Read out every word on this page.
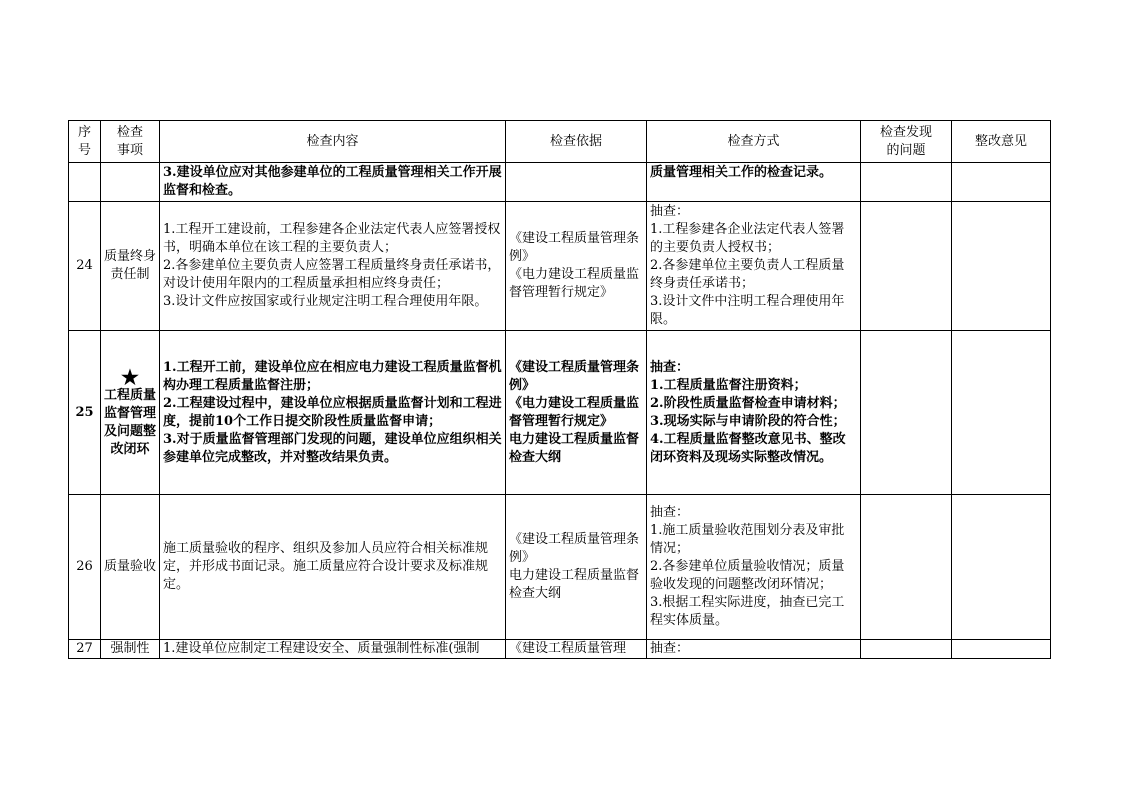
序
号	检查
事项	检查内容	检查依据	检查方式	检查发现
的问题	整改意见

		3.建设单位应对其他参建单位的工程质量管理相关工作开展监督和检查。		质量管理相关工作的检查记录。		

24	质量终身责任制	1.工程开工建设前，工程参建各企业法定代表人应签署授权书，明确本单位在该工程的主要负责人；
2.各参建单位主要负责人应签署工程质量终身责任承诺书，对设计使用年限内的工程质量承担相应终身责任；
3.设计文件应按国家或行业规定注明工程合理使用年限。	《建设工程质量管理条例》
《电力建设工程质量监督管理暂行规定》	抽查：
1.工程参建各企业法定代表人签署的主要负责人授权书；
2.各参建单位主要负责人工程质量终身责任承诺书；
3.设计文件中注明工程合理使用年限。		

25	★
工程质量监督管理及问题整改闭环	1.工程开工前，建设单位应在相应电力建设工程质量监督机构办理工程质量监督注册；
2.工程建设过程中，建设单位应根据质量监督计划和工程进度，提前10个工作日提交阶段性质量监督申请；
3.对于质量监督管理部门发现的问题，建设单位应组织相关参建单位完成整改，并对整改结果负责。	《建设工程质量管理条例》
《电力建设工程质量监督管理暂行规定》
电力建设工程质量监督检查大纲	抽查：
1.工程质量监督注册资料；
2.阶段性质量监督检查申请材料；
3.现场实际与申请阶段的符合性；
4.工程质量监督整改意见书、整改闭环资料及现场实际整改情况。		

26	质量验收	施工质量验收的程序、组织及参加人员应符合相关标准规定，并形成书面记录。施工质量应符合设计要求及标准规定。	《建设工程质量管理条例》
电力建设工程质量监督检查大纲	抽查：
1.施工质量验收范围划分表及审批情况；
2.各参建单位质量验收情况；质量验收发现的问题整改闭环情况；
3.根据工程实际进度，抽查已完工程实体质量。		

27	强制性	1.建设单位应制定工程建设安全、质量强制性标准(强制	《建设工程质量管理	抽查：		
